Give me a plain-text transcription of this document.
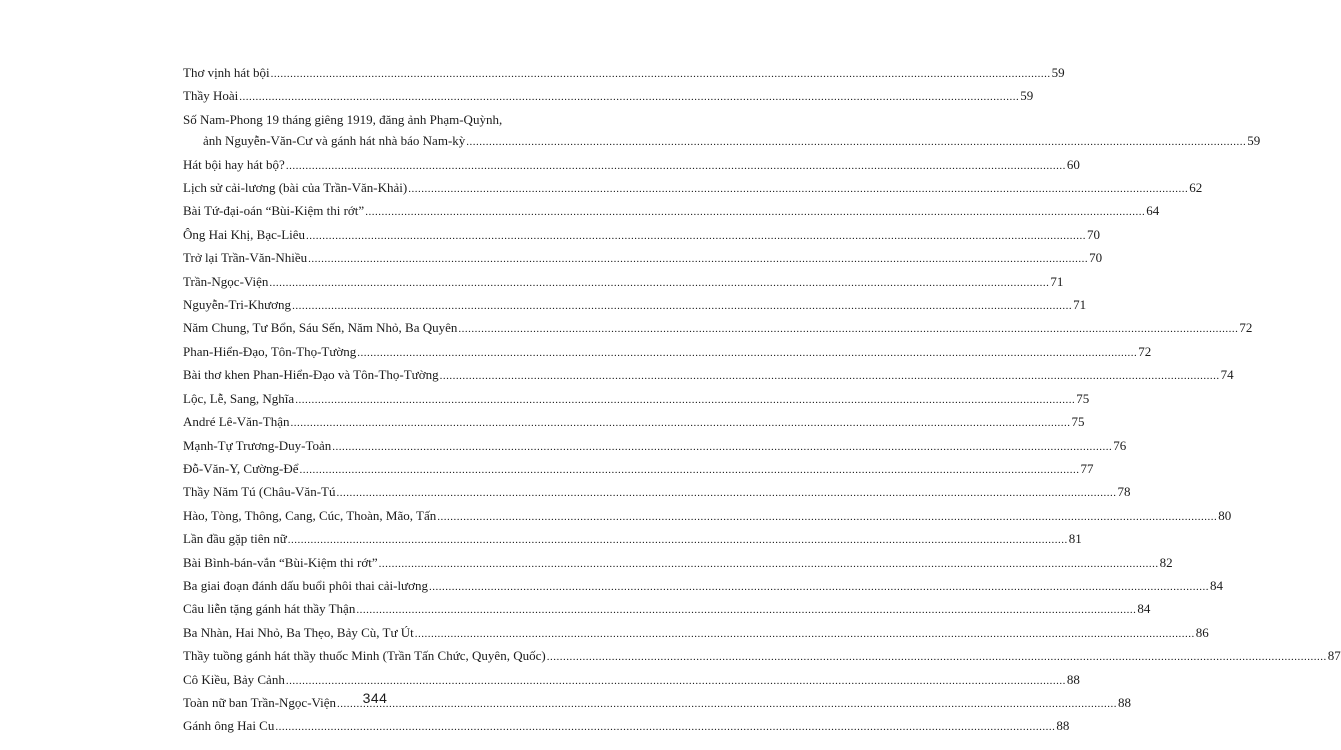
Thơ vịnh hát bội .....	59
Thầy Hoài .....	59
Số Nam-Phong 19 tháng giêng 1919, đăng ảnh Phạm-Quỳnh,
ảnh Nguyễn-Văn-Cư và gánh hát nhà báo Nam-kỳ .....	59
Hát bội hay hát bộ? .....	60
Lịch sử cải-lương (bài của Trần-Văn-Khải) .....	62
Bài Tứ-đại-oán “Bùi-Kiệm thi rớt” .....	64
Ông Hai Khị, Bạc-Liêu .....	70
Trở lại Trần-Văn-Nhiều .....	70
Trần-Ngọc-Viện .....	71
Nguyễn-Tri-Khương .....	71
Năm Chung, Tư Bổn, Sáu Sến, Năm Nhỏ, Ba Quyên .....	72
Phan-Hiển-Đạo, Tôn-Thọ-Tường .....	72
Bài thơ khen Phan-Hiển-Đạo và Tôn-Thọ-Tường .....	74
Lộc, Lễ, Sang, Nghĩa .....	75
André Lê-Văn-Thận .....	75
Mạnh-Tự Trương-Duy-Toản .....	76
Đỗ-Văn-Y, Cường-Để .....	77
Thầy Năm Tú (Châu-Văn-Tú .....	78
Hào, Tòng, Thông, Cang, Cúc, Thoàn, Mão, Tấn .....	80
Lần đầu gặp tiên nữ .....	81
Bài Bình-bán-vắn “Bùi-Kiệm thi rớt” .....	82
Ba giai đoạn đánh dấu buổi phôi thai cải-lương .....	84
Câu liễn tặng gánh hát thầy Thận .....	84
Ba Nhàn, Hai Nhỏ, Ba Thẹo, Bảy Cù, Tư Út .....	86
Thầy tuồng gánh hát thầy thuốc Minh (Trần Tấn Chức, Quyên, Quốc) .....	87
Cô Kiều, Bảy Cảnh .....	88
Toàn nữ ban Trần-Ngọc-Viện .....	88
Gánh ông Hai Cu .....	88
344
